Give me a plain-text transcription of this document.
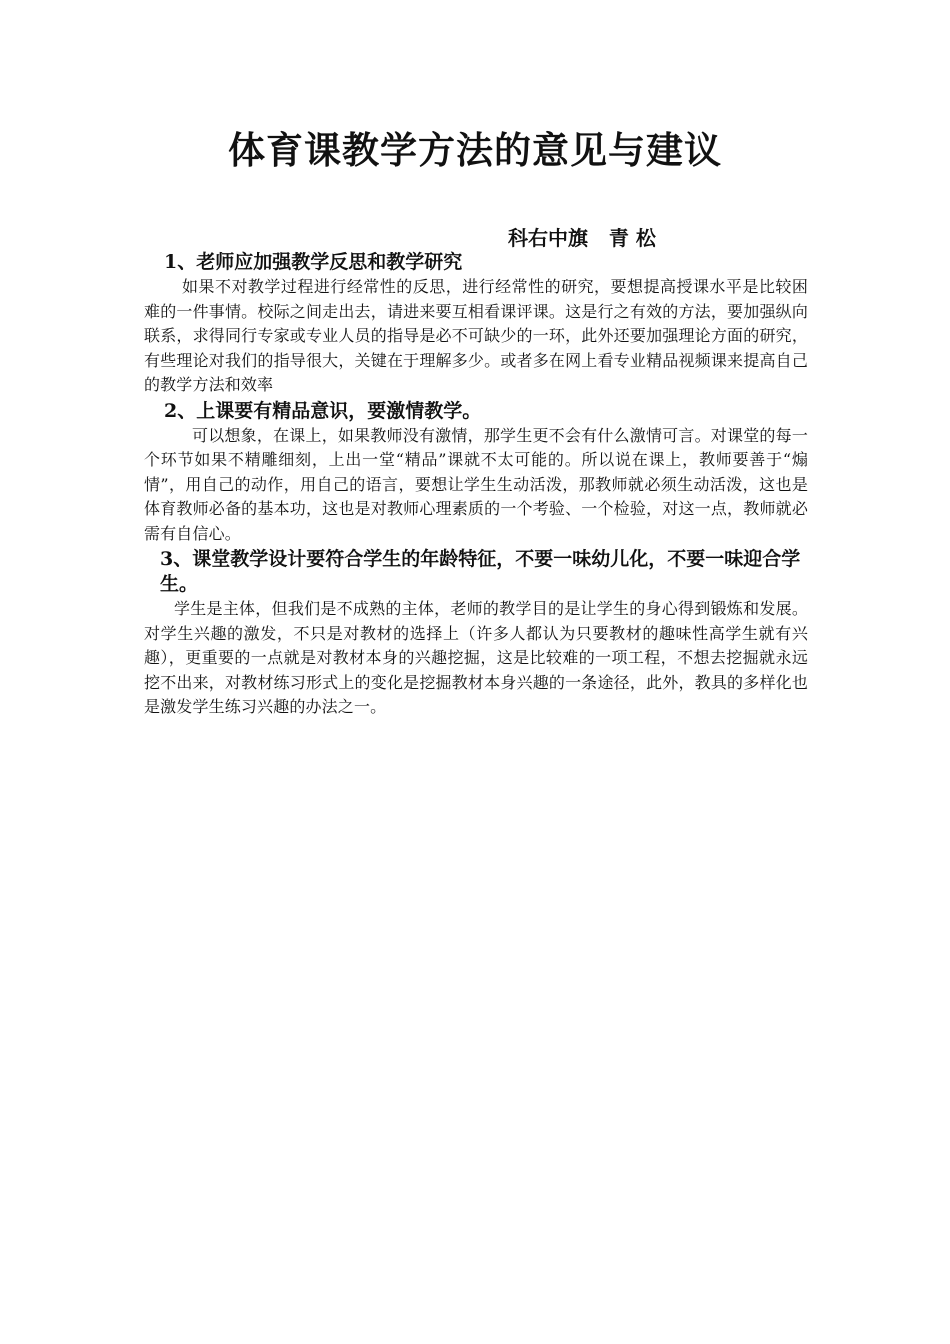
体育课教学方法的意见与建议
科右中旗   青 松
1、老师应加强教学反思和教学研究

如果不对教学过程进行经常性的反思，进行经常性的研究，要想提高授课水平是比较困难的一件事情。校际之间走出去，请进来要互相看课评课。这是行之有效的方法，要加强纵向联系，求得同行专家或专业人员的指导是必不可缺少的一环，此外还要加强理论方面的研究，有些理论对我们的指导很大，关键在于理解多少。或者多在网上看专业精品视频课来提高自己的教学方法和效率

2、上课要有精品意识，要激情教学。

可以想象，在课上，如果教师没有激情，那学生更不会有什么激情可言。对课堂的每一个环节如果不精雕细刻，上出一堂“精品”课就不太可能的。所以说在课上，教师要善于“煽情”，用自己的动作，用自己的语言，要想让学生生动活泼，那教师就必须生动活泼，这也是体育教师必备的基本功，这也是对教师心理素质的一个考验、一个检验，对这一点，教师就必需有自信心。

3、课堂教学设计要符合学生的年龄特征，不要一味幼儿化，不要一味迎合学生。

学生是主体，但我们是不成熟的主体，老师的教学目的是让学生的身心得到锻炼和发展。对学生兴趣的激发，不只是对教材的选择上（许多人都认为只要教材的趣味性高学生就有兴趣），更重要的一点就是对教材本身的兴趣挖掘，这是比较难的一项工程，不想去挖掘就永远挖不出来，对教材练习形式上的变化是挖掘教材本身兴趣的一条途径，此外，教具的多样化也是激发学生练习兴趣的办法之一。
